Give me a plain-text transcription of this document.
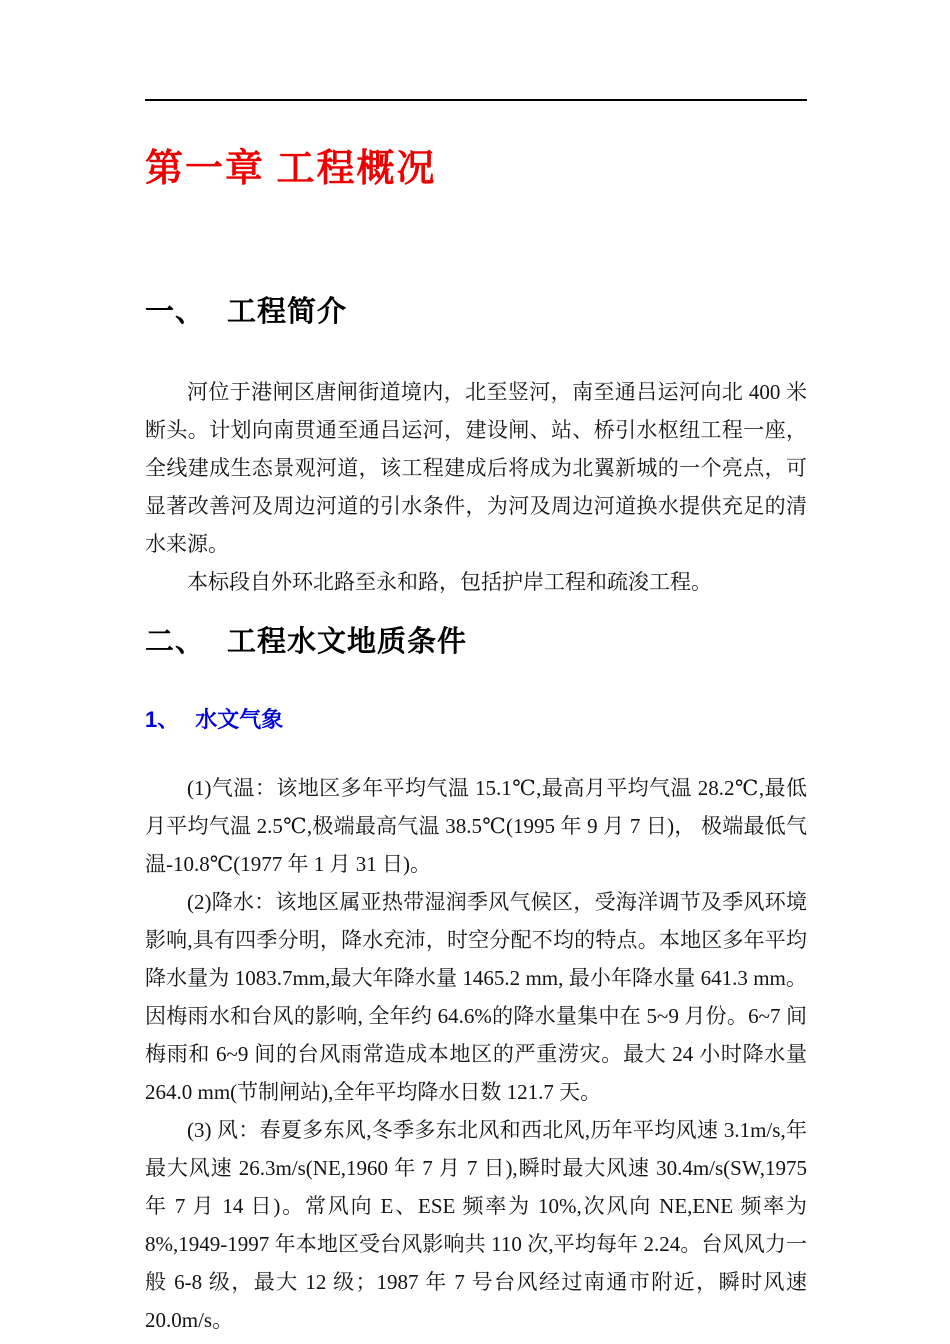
第一章 工程概况
一、 工程简介

河位于港闸区唐闸街道境内，北至竖河，南至通吕运河向北 400 米断头。计划向南贯通至通吕运河，建设闸、站、桥引水枢纽工程一座，全线建成生态景观河道，该工程建成后将成为北翼新城的一个亮点，可显著改善河及周边河道的引水条件，为河及周边河道换水提供充足的清水来源。

本标段自外环北路至永和路，包括护岸工程和疏浚工程。

二、 工程水文地质条件
1、 水文气象

(1)气温：该地区多年平均气温 15.1℃,最高月平均气温 28.2℃,最低月平均气温 2.5℃,极端最高气温 38.5℃(1995 年 9 月 7 日)， 极端最低气温-10.8℃(1977 年 1 月 31 日)。

(2)降水：该地区属亚热带湿润季风气候区，受海洋调节及季风环境影响,具有四季分明，降水充沛，时空分配不均的特点。本地区多年平均降水量为 1083.7mm,最大年降水量 1465.2 mm, 最小年降水量 641.3 mm。因梅雨水和台风的影响, 全年约 64.6%的降水量集中在 5~9 月份。6~7 间梅雨和 6~9 间的台风雨常造成本地区的严重涝灾。最大 24 小时降水量 264.0 mm(节制闸站),全年平均降水日数 121.7 天。

(3) 风：春夏多东风,冬季多东北风和西北风,历年平均风速 3.1m/s,年最大风速 26.3m/s(NE,1960 年 7 月 7 日),瞬时最大风速 30.4m/s(SW,1975 年 7 月 14 日)。常风向 E、ESE 频率为 10%,次风向 NE,ENE 频率为 8%,1949-1997 年本地区受台风影响共 110 次,平均每年 2.24。台风风力一般 6-8 级，最大 12 级；1987 年 7 号台风经过南通市附近，瞬时风速 20.0m/s。
